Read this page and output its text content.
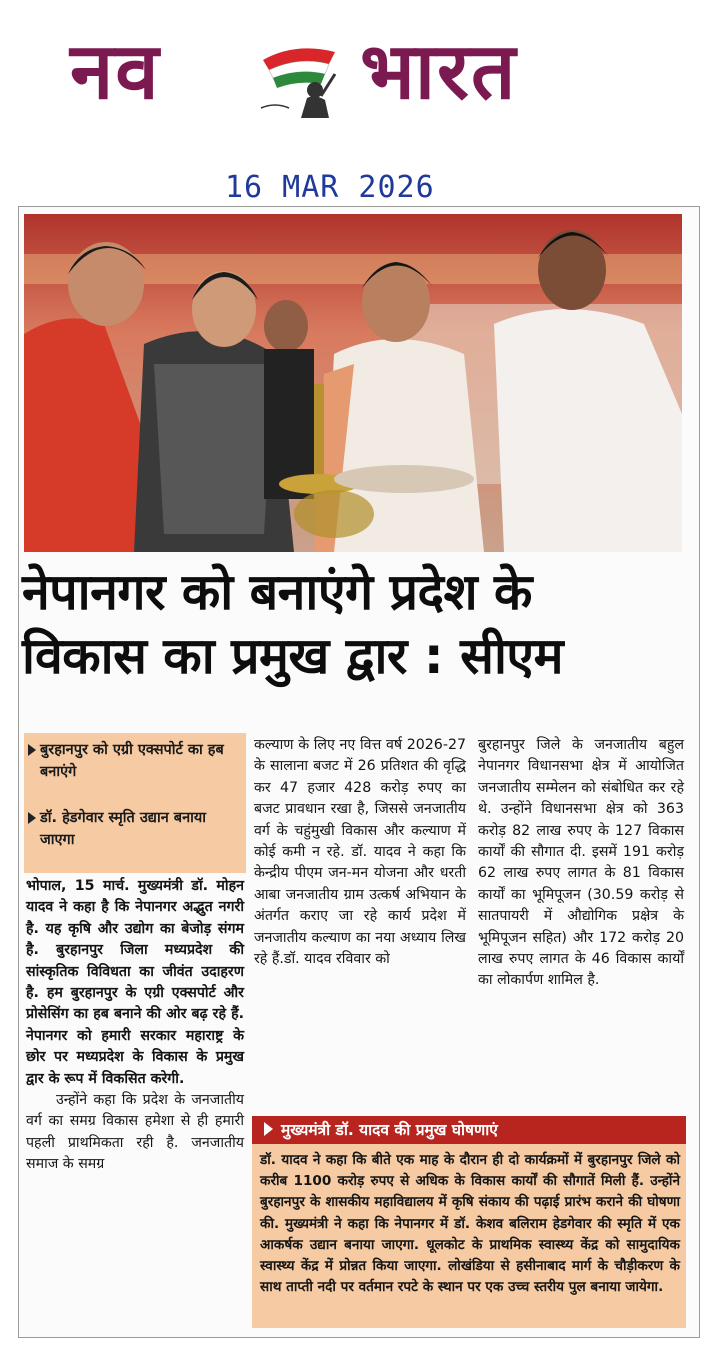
नव	भारत
16 MAR 2026
नेपानगर को बनाएंगे प्रदेश के
विकास का प्रमुख द्वार : सीएम
बुरहानपुर को एग्री एक्सपोर्ट का हब बनाएंगे
डॉ. हेडगेवार स्मृति उद्यान बनाया जाएगा

भोपाल, 15 मार्च. मुख्यमंत्री डॉ. मोहन यादव ने कहा है कि नेपानगर अद्भुत नगरी है. यह कृषि और उद्योग का बेजोड़ संगम है. बुरहानपुर जिला मध्यप्रदेश की सांस्कृतिक विविधता का जीवंत उदाहरण है. हम बुरहानपुर के एग्री एक्सपोर्ट और प्रोसेसिंग का हब बनाने की ओर बढ़ रहे हैं. नेपानगर को हमारी सरकार महाराष्ट्र के छोर पर मध्यप्रदेश के विकास के प्रमुख द्वार के रूप में विकसित करेगी.

उन्होंने कहा कि प्रदेश के जनजातीय वर्ग का समग्र विकास हमेशा से ही हमारी पहली प्राथमिकता रही है. जनजातीय समाज के समग्र

कल्याण के लिए नए वित्त वर्ष 2026-27 के सालाना बजट में 26 प्रतिशत की वृद्धि कर 47 हजार 428 करोड़ रुपए का बजट प्रावधान रखा है, जिससे जनजातीय वर्ग के चहुंमुखी विकास और कल्याण में कोई कमी न रहे. डॉ. यादव ने कहा कि केन्द्रीय पीएम जन-मन योजना और धरती आबा जनजातीय ग्राम उत्कर्ष अभियान के अंतर्गत कराए जा रहे कार्य प्रदेश में जनजातीय कल्याण का नया अध्याय लिख रहे हैं.डॉ. यादव रविवार को

बुरहानपुर जिले के जनजातीय बहुल नेपानगर विधानसभा क्षेत्र में आयोजित जनजातीय सम्मेलन को संबोधित कर रहे थे. उन्होंने विधानसभा क्षेत्र को 363 करोड़ 82 लाख रुपए के 127 विकास कार्यों की सौगात दी. इसमें 191 करोड़ 62 लाख रुपए लागत के 81 विकास कार्यों का भूमिपूजन (30.59 करोड़ से सातपायरी में औद्योगिक प्रक्षेत्र के भूमिपूजन सहित) और 172 करोड़ 20 लाख रुपए लागत के 46 विकास कार्यों का लोकार्पण शामिल है.

मुख्यमंत्री डॉ. यादव की प्रमुख घोषणाएं
डॉ. यादव ने कहा कि बीते एक माह के दौरान ही दो कार्यक्रमों में बुरहानपुर जिले को करीब 1100 करोड़ रुपए से अधिक के विकास कार्यों की सौगातें मिली हैं. उन्होंने बुरहानपुर के शासकीय महाविद्यालय में कृषि संकाय की पढ़ाई प्रारंभ कराने की घोषणा की. मुख्यमंत्री ने कहा कि नेपानगर में डॉ. केशव बलिराम हेडगेवार की स्मृति में एक आकर्षक उद्यान बनाया जाएगा. धूलकोट के प्राथमिक स्वास्थ्य केंद्र को सामुदायिक स्वास्थ्य केंद्र में प्रोन्नत किया जाएगा. लोखंडिया से हसीनाबाद मार्ग के चौड़ीकरण के साथ ताप्ती नदी पर वर्तमान रपटे के स्थान पर एक उच्च स्तरीय पुल बनाया जायेगा.
